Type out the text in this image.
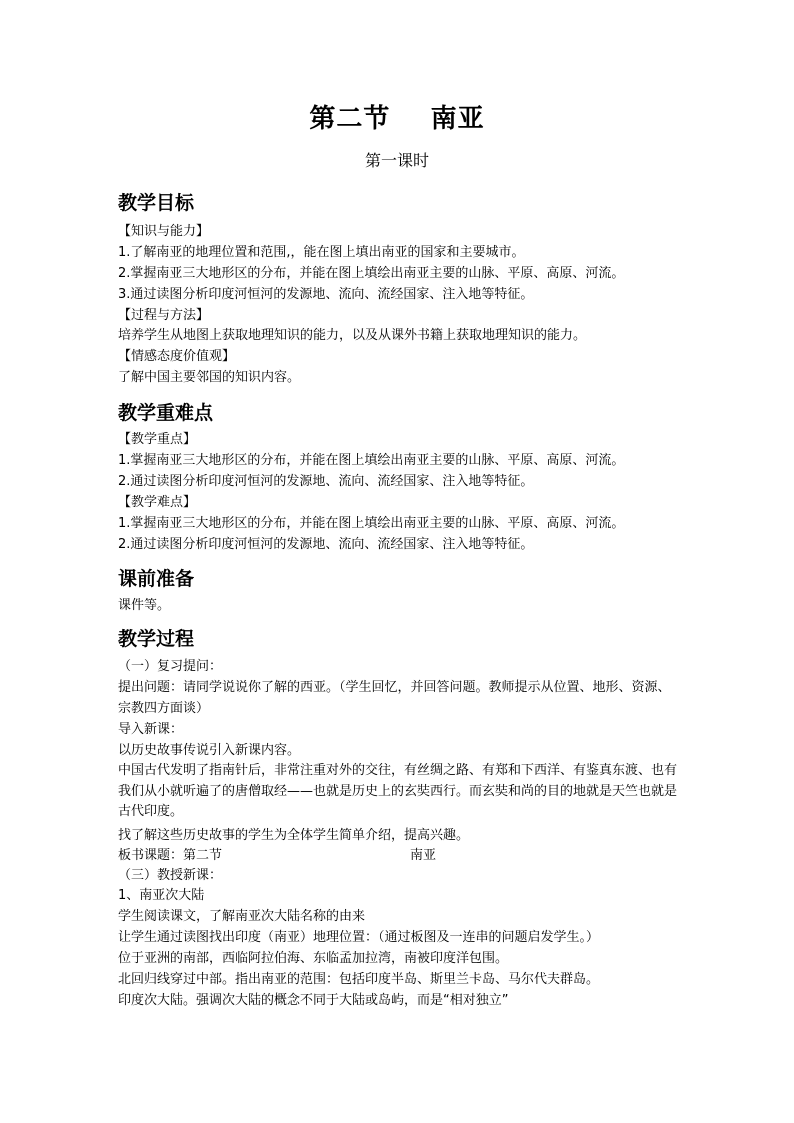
第二节    南亚
第一课时
教学目标
【知识与能力】
1.了解南亚的地理位置和范围,，能在图上填出南亚的国家和主要城市。
2.掌握南亚三大地形区的分布，并能在图上填绘出南亚主要的山脉、平原、高原、河流。
3.通过读图分析印度河恒河的发源地、流向、流经国家、注入地等特征。
【过程与方法】
培养学生从地图上获取地理知识的能力，以及从课外书籍上获取地理知识的能力。
【情感态度价值观】
了解中国主要邻国的知识内容。
教学重难点
【教学重点】
1.掌握南亚三大地形区的分布，并能在图上填绘出南亚主要的山脉、平原、高原、河流。
2.通过读图分析印度河恒河的发源地、流向、流经国家、注入地等特征。
【教学难点】
1.掌握南亚三大地形区的分布，并能在图上填绘出南亚主要的山脉、平原、高原、河流。
2.通过读图分析印度河恒河的发源地、流向、流经国家、注入地等特征。
课前准备
课件等。
教学过程
（一）复习提问：
提出问题：请同学说说你了解的西亚。（学生回忆，并回答问题。教师提示从位置、地形、资源、宗教四方面谈）
导入新课：
以历史故事传说引入新课内容。
中国古代发明了指南针后，非常注重对外的交往，有丝绸之路、有郑和下西洋、有鉴真东渡、也有我们从小就听遍了的唐僧取经——也就是历史上的玄奘西行。而玄奘和尚的目的地就是天竺也就是古代印度。
找了解这些历史故事的学生为全体学生简单介绍，提高兴趣。
板书课题：第二节	南亚
（三）教授新课：
1、南亚次大陆
学生阅读课文，了解南亚次大陆名称的由来
让学生通过读图找出印度（南亚）地理位置：（通过板图及一连串的问题启发学生。）
位于亚洲的南部，西临阿拉伯海、东临孟加拉湾，南被印度洋包围。
北回归线穿过中部。指出南亚的范围：包括印度半岛、斯里兰卡岛、马尔代夫群岛。
印度次大陆。强调次大陆的概念不同于大陆或岛屿，而是“相对独立”
